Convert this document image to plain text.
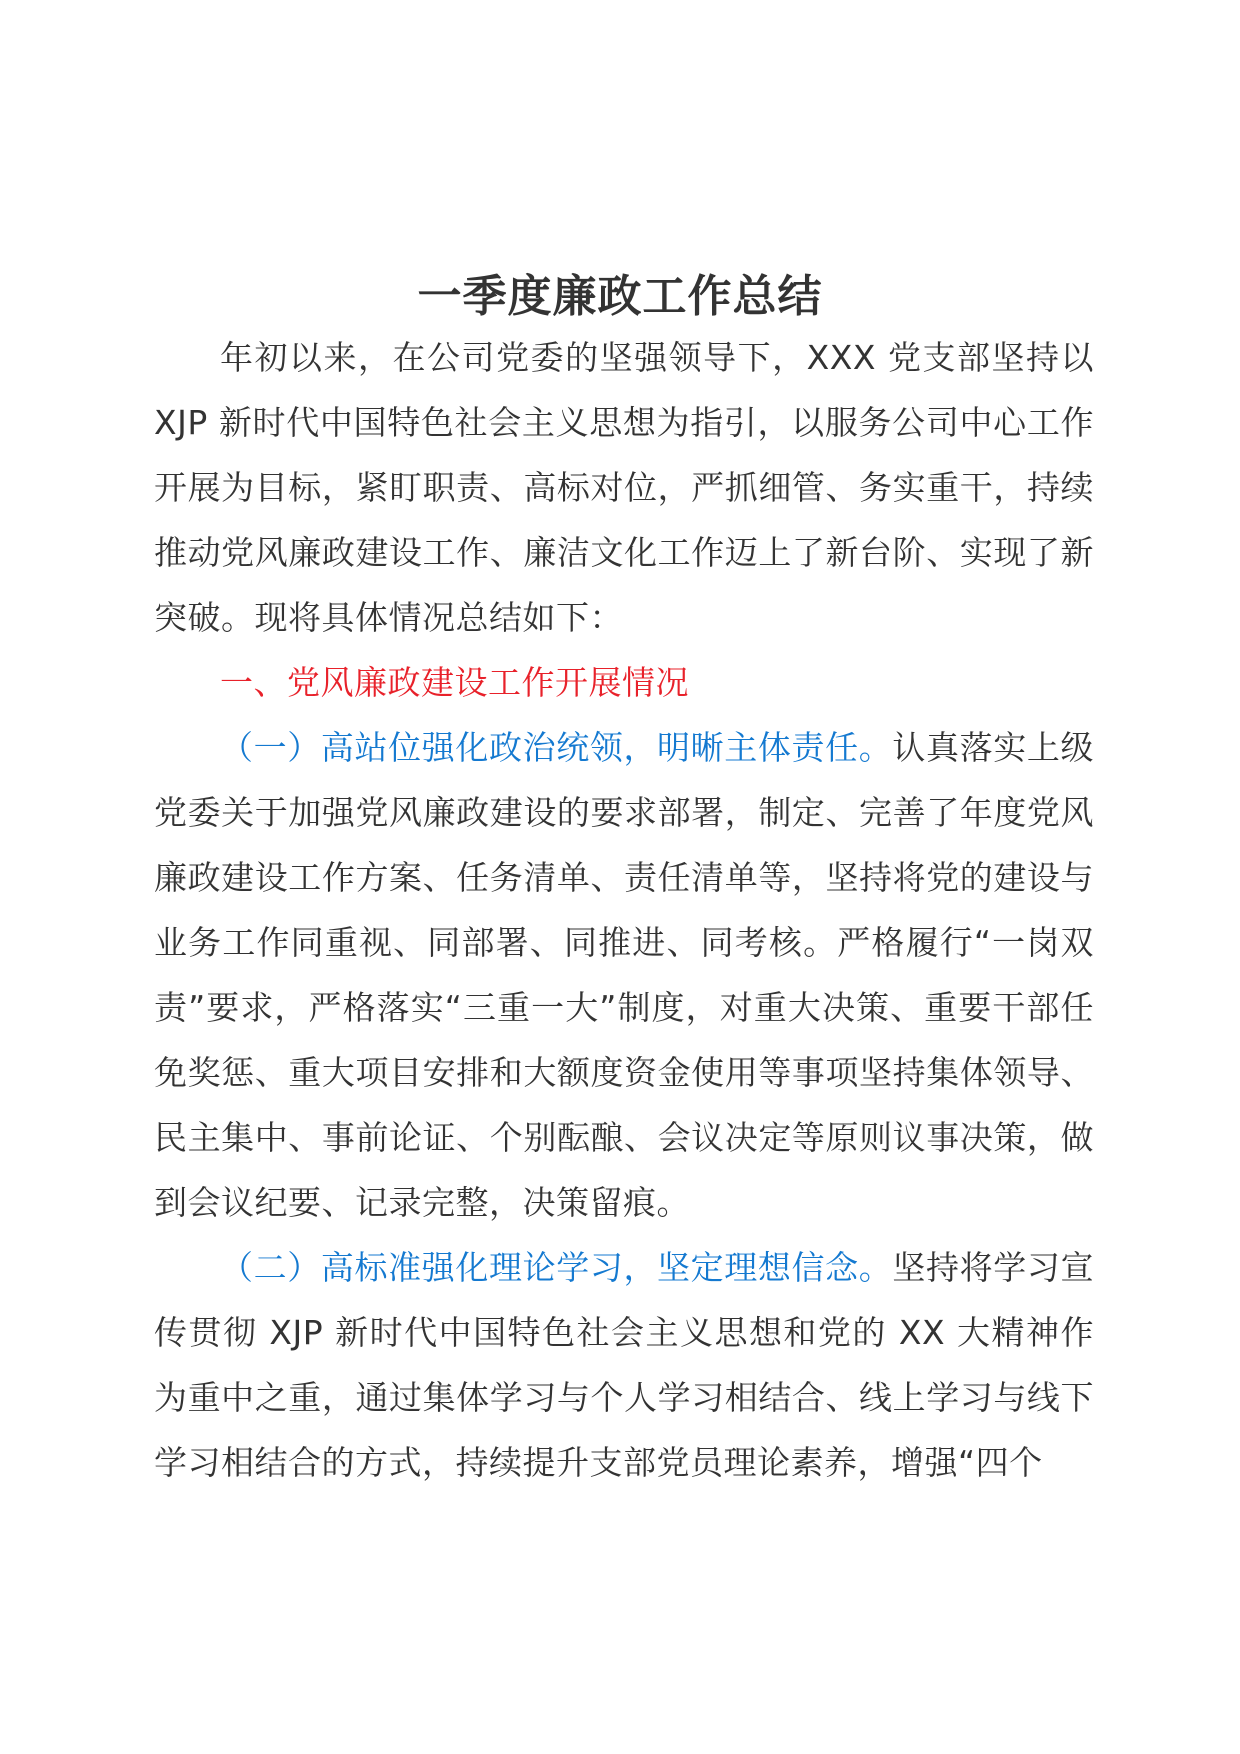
一季度廉政工作总结

年初以来，在公司党委的坚强领导下，XXX 党支部坚持以 XJP 新时代中国特色社会主义思想为指引，以服务公司中心工作开展为目标，紧盯职责、高标对位，严抓细管、务实重干，持续推动党风廉政建设工作、廉洁文化工作迈上了新台阶、实现了新突破。现将具体情况总结如下：

一、党风廉政建设工作开展情况

（一）高站位强化政治统领，明晰主体责任。认真落实上级党委关于加强党风廉政建设的要求部署，制定、完善了年度党风廉政建设工作方案、任务清单、责任清单等，坚持将党的建设与业务工作同重视、同部署、同推进、同考核。严格履行“一岗双责”要求，严格落实“三重一大”制度，对重大决策、重要干部任免奖惩、重大项目安排和大额度资金使用等事项坚持集体领导、民主集中、事前论证、个别酝酿、会议决定等原则议事决策，做到会议纪要、记录完整，决策留痕。

（二）高标准强化理论学习，坚定理想信念。坚持将学习宣传贯彻 XJP 新时代中国特色社会主义思想和党的 XX 大精神作为重中之重，通过集体学习与个人学习相结合、线上学习与线下学习相结合的方式，持续提升支部党员理论素养，增强“四个
